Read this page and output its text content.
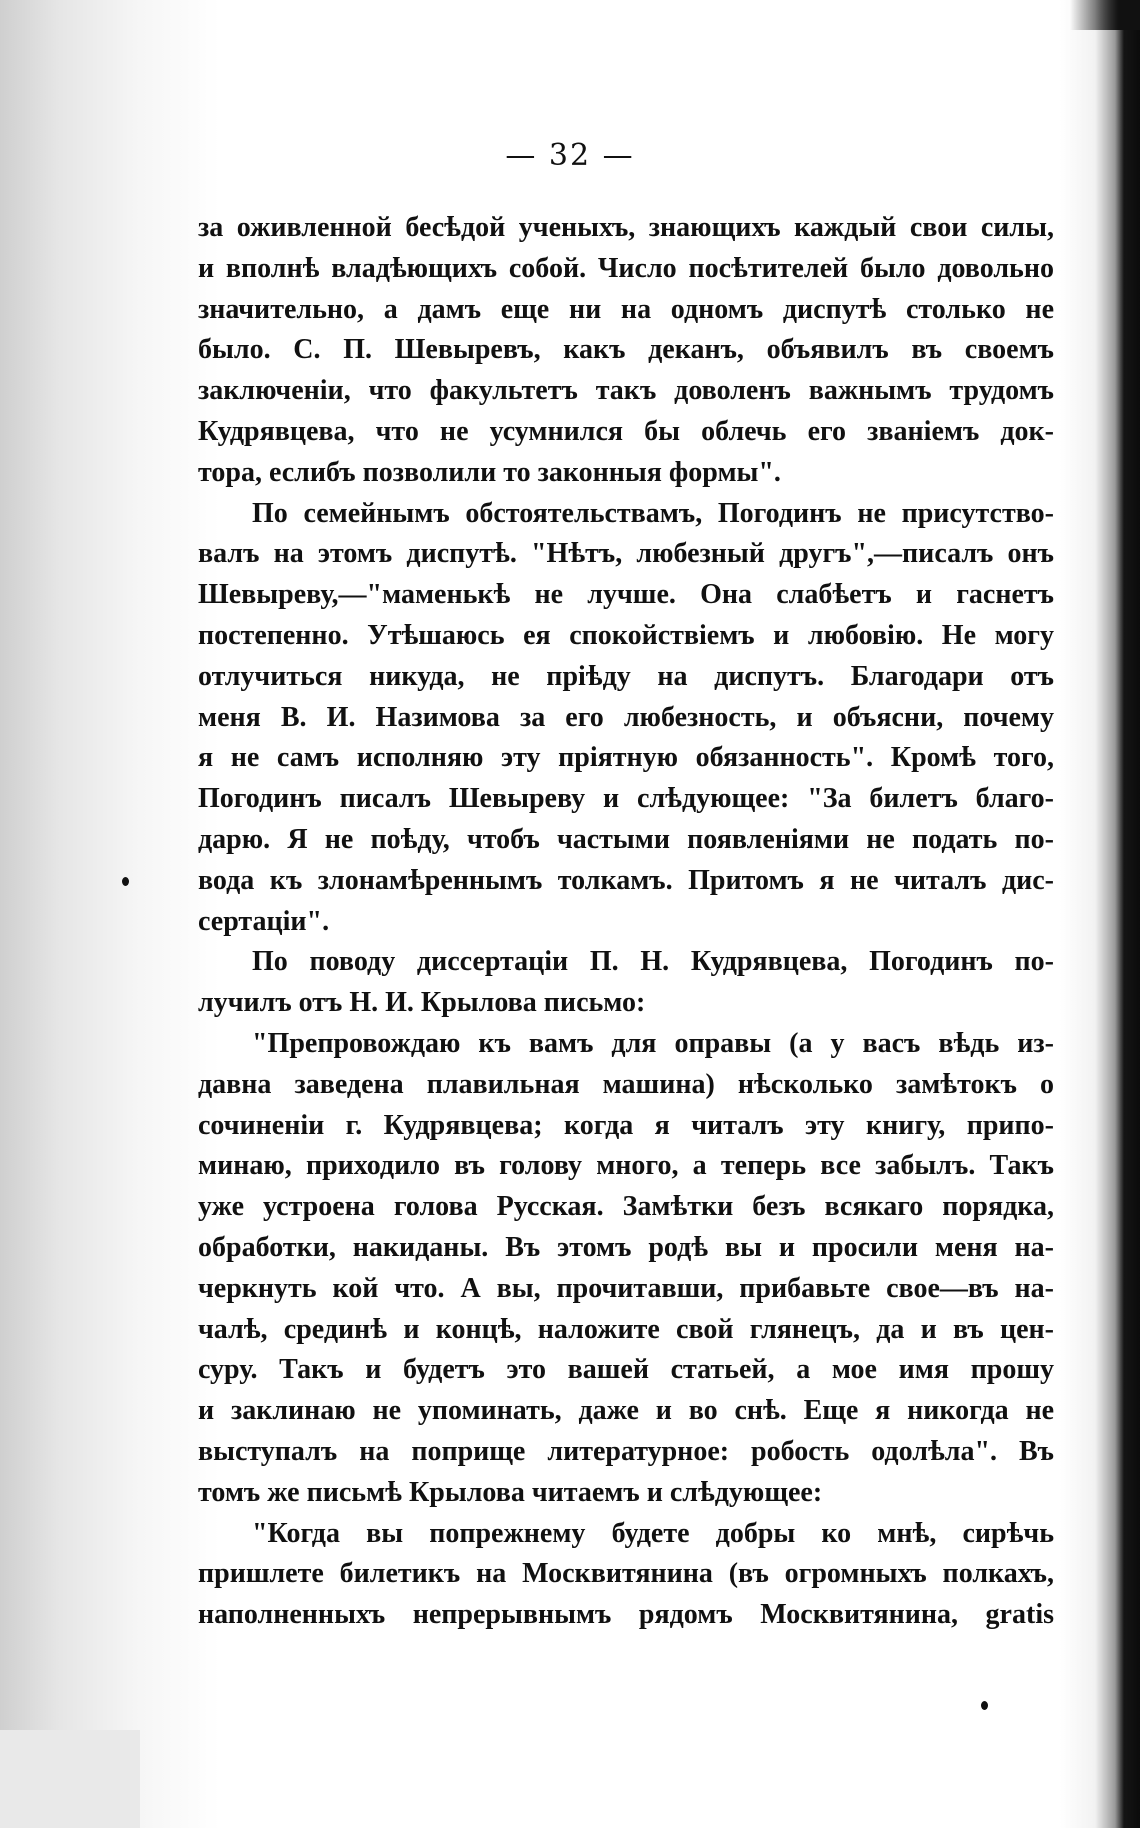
— 32 —
за оживленной бесѣдой ученыхъ, знающихъ каждый свои силы,
и вполнѣ владѣющихъ собой. Число посѣтителей было довольно
значительно, а дамъ еще ни на одномъ диспутѣ столько не
было. С. П. Шевыревъ, какъ деканъ, объявилъ въ своемъ
заключеніи, что факультетъ такъ доволенъ важнымъ трудомъ
Кудрявцева, что не усумнился бы облечь его званіемъ док-
тора, еслибъ позволили то законныя формы".
По семейнымъ обстоятельствамъ, Погодинъ не присутство-
валъ на этомъ диспутѣ. "Нѣтъ, любезный другъ",—писалъ онъ
Шевыреву,—"маменькѣ не лучше. Она слабѣетъ и гаснетъ
постепенно. Утѣшаюсь ея спокойствіемъ и любовію. Не могу
отлучиться никуда, не пріѣду на диспутъ. Благодари отъ
меня В. И. Назимова за его любезность, и объясни, почему
я не самъ исполняю эту пріятную обязанность". Кромѣ того,
Погодинъ писалъ Шевыреву и слѣдующее: "За билетъ благо-
дарю. Я не поѣду, чтобъ частыми появленіями не подать по-
вода къ злонамѣреннымъ толкамъ. Притомъ я не читалъ дис-
сертаціи".
По поводу диссертаціи П. Н. Кудрявцева, Погодинъ по-
лучилъ отъ Н. И. Крылова письмо:
"Препровождаю къ вамъ для оправы (а у васъ вѣдь из-
давна заведена плавильная машина) нѣсколько замѣтокъ о
сочиненіи г. Кудрявцева; когда я читалъ эту книгу, припо-
минаю, приходило въ голову много, а теперь все забылъ. Такъ
уже устроена голова Русская. Замѣтки безъ всякаго порядка,
обработки, накиданы. Въ этомъ родѣ вы и просили меня на-
черкнуть кой что. А вы, прочитавши, прибавьте свое—въ на-
чалѣ, срединѣ и концѣ, наложите свой глянецъ, да и въ цен-
суру. Такъ и будетъ это вашей статьей, а мое имя прошу
и заклинаю не упоминать, даже и во снѣ. Еще я никогда не
выступалъ на поприще литературное: робость одолѣла". Въ
томъ же письмѣ Крылова читаемъ и слѣдующее:
"Когда вы попрежнему будете добры ко мнѣ, сирѣчь
пришлете билетикъ на Москвитянина (въ огромныхъ полкахъ,
наполненныхъ непрерывнымъ рядомъ Москвитянина, gratis
